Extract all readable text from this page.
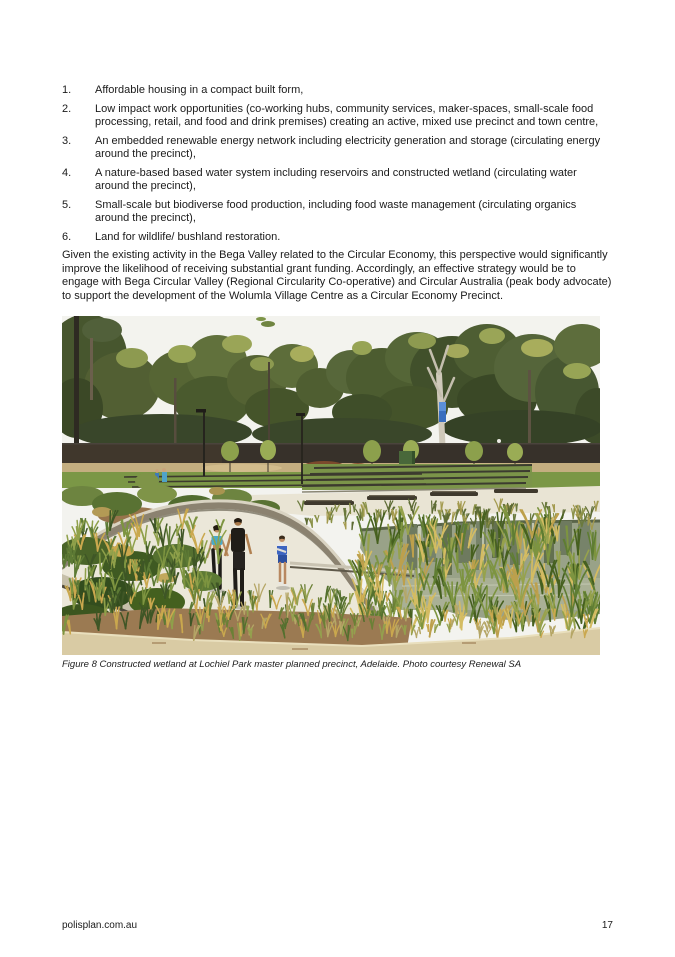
1.	Affordable housing in a compact built form,
2.	Low impact work opportunities (co-working hubs, community services, maker-spaces, small-scale food processing, retail, and food and drink premises) creating an active, mixed use precinct and town centre,
3.	An embedded renewable energy network including electricity generation and storage (circulating energy around the precinct),
4.	A nature-based based water system including reservoirs and constructed wetland (circulating water around the precinct),
5.	Small-scale but biodiverse food production, including food waste management (circulating organics around the precinct),
6.	Land for wildlife/ bushland restoration.

Given the existing activity in the Bega Valley related to the Circular Economy, this perspective would significantly improve the likelihood of receiving substantial grant funding. Accordingly, an effective strategy would be to engage with Bega Circular Valley (Regional Circularity Co-operative) and Circular Australia (peak body advocate) to support the development of the Wolumla Village Centre as a Circular Economy Precinct.

Figure 8 Constructed wetland at Lochiel Park master planned precinct, Adelaide. Photo courtesy Renewal SA
polisplan.com.au	17
